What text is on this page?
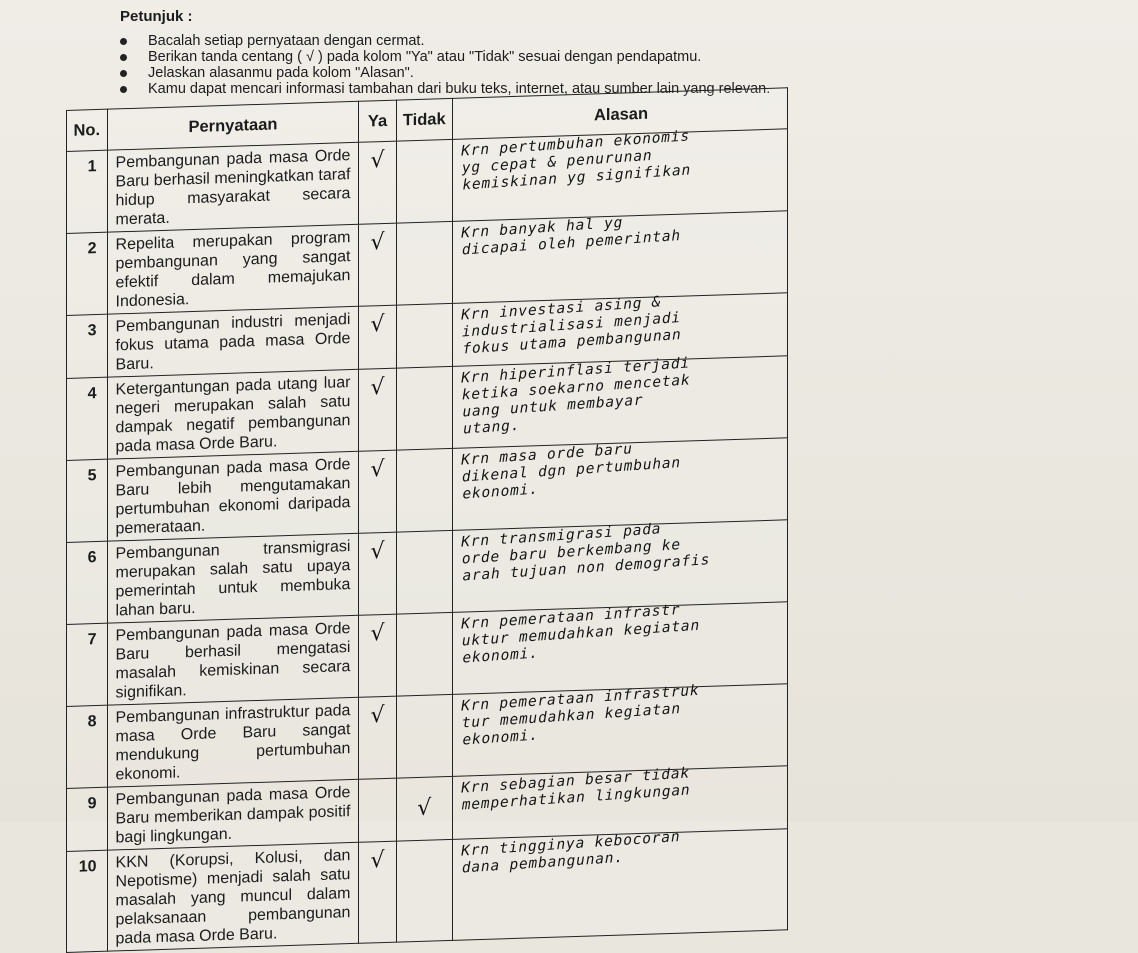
Petunjuk :
Bacalah setiap pernyataan dengan cermat.
Berikan tanda centang ( √ ) pada kolom "Ya" atau "Tidak" sesuai dengan pendapatmu.
Jelaskan alasanmu pada kolom "Alasan".
Kamu dapat mencari informasi tambahan dari buku teks, internet, atau sumber lain yang relevan.
No.	Pernyataan	Ya	Tidak	Alasan
1	Pembangunan pada masa Orde Baru berhasil meningkatkan taraf hidup masyarakat secara merata.	√		Krn pertumbuhan ekonomis
yg cepat & penurunan
kemiskinan yg signifikan

2	Repelita merupakan program pembangunan yang sangat efektif dalam memajukan Indonesia.	√		Krn banyak hal yg
dicapai oleh pemerintah

3	Pembangunan industri menjadi fokus utama pada masa Orde Baru.	√		Krn investasi asing &
industrialisasi menjadi
fokus utama pembangunan

4	Ketergantungan pada utang luar negeri merupakan salah satu dampak negatif pembangunan pada masa Orde Baru.	√		Krn hiperinflasi terjadi
ketika soekarno mencetak
uang untuk membayar
utang.

5	Pembangunan pada masa Orde Baru lebih mengutamakan pertumbuhan ekonomi daripada pemerataan.	√		Krn masa orde baru
dikenal dgn pertumbuhan
ekonomi.

6	Pembangunan transmigrasi merupakan salah satu upaya pemerintah untuk membuka lahan baru.	√		Krn transmigrasi pada
orde baru berkembang ke
arah tujuan non demografis

7	Pembangunan pada masa Orde Baru berhasil mengatasi masalah kemiskinan secara signifikan.	√		Krn pemerataan infrastr
uktur memudahkan kegiatan
ekonomi.

8	Pembangunan infrastruktur pada masa Orde Baru sangat mendukung pertumbuhan ekonomi.	√		Krn pemerataan infrastruk
tur memudahkan kegiatan
ekonomi.

9	Pembangunan pada masa Orde Baru memberikan dampak positif bagi lingkungan.		√	Krn sebagian besar tidak
memperhatikan lingkungan

10	KKN (Korupsi, Kolusi, dan Nepotisme) menjadi salah satu masalah yang muncul dalam pelaksanaan pembangunan pada masa Orde Baru.	√		Krn tingginya kebocoran
dana pembangunan.
